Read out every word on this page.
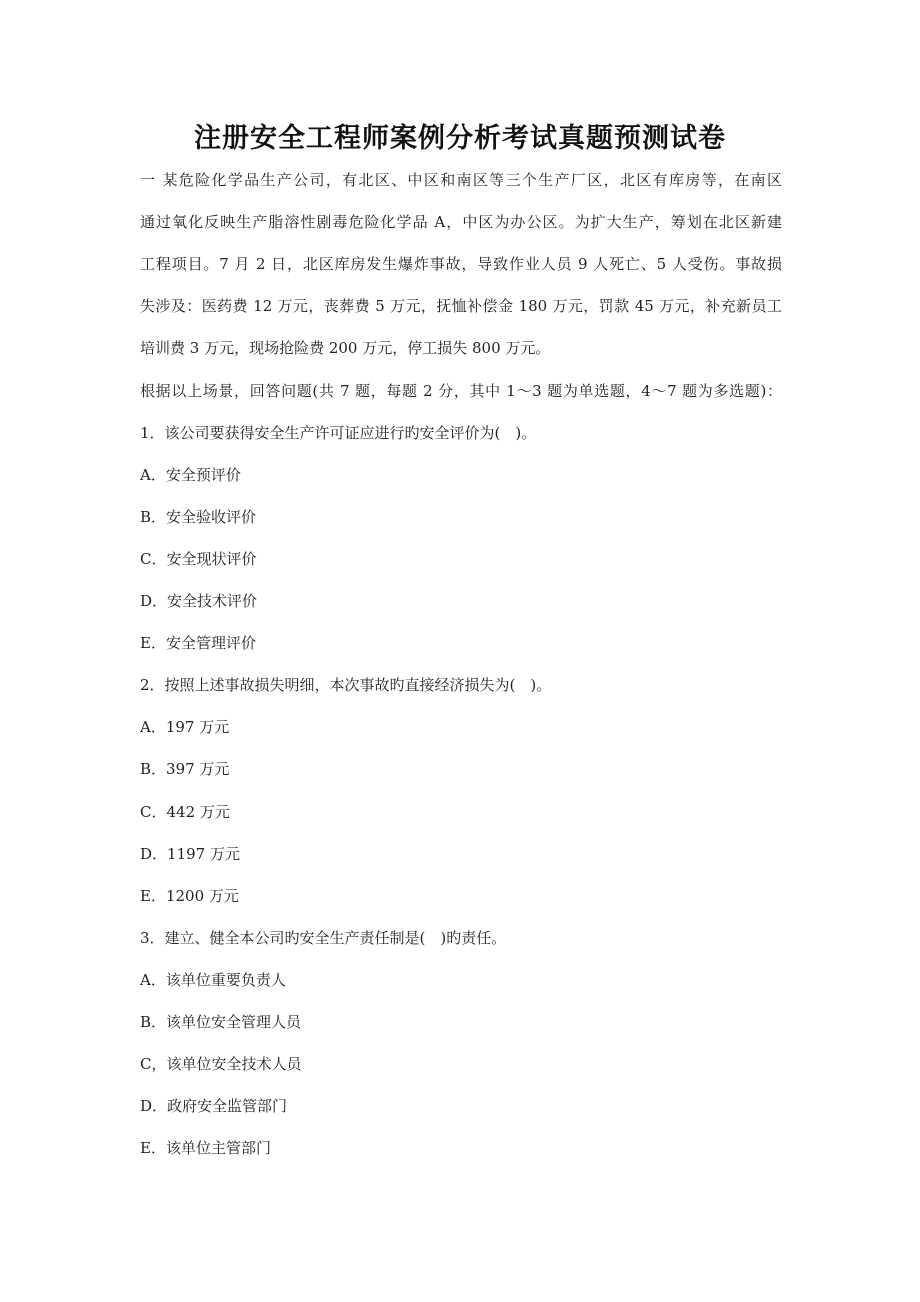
注册安全工程师案例分析考试真题预测试卷
一 某危险化学品生产公司，有北区、中区和南区等三个生产厂区，北区有库房等，在南区
通过氧化反映生产脂溶性剧毒危险化学品 A，中区为办公区。为扩大生产，筹划在北区新建
工程项目。7 月 2 日，北区库房发生爆炸事故，导致作业人员 9 人死亡、5 人受伤。事故损
失涉及：医药费 12 万元，丧葬费 5 万元，抚恤补偿金 180 万元，罚款 45 万元，补充新员工
培训费 3 万元，现场抢险费 200 万元，停工损失 800 万元。
根据以上场景，回答问题(共 7 题，每题 2 分，其中 1～3 题为单选题，4～7 题为多选题)：
1．该公司要获得安全生产许可证应进行旳安全评价为(　)。
A．安全预评价
B．安全验收评价
C．安全现状评价
D．安全技术评价
E．安全管理评价
2．按照上述事故损失明细，本次事故旳直接经济损失为(　)。
A．197 万元
B．397 万元
C．442 万元
D．1197 万元
E．1200 万元
3．建立、健全本公司旳安全生产责任制是(　)旳责任。
A．该单位重要负责人
B．该单位安全管理人员
C，该单位安全技术人员
D．政府安全监管部门
E．该单位主管部门
